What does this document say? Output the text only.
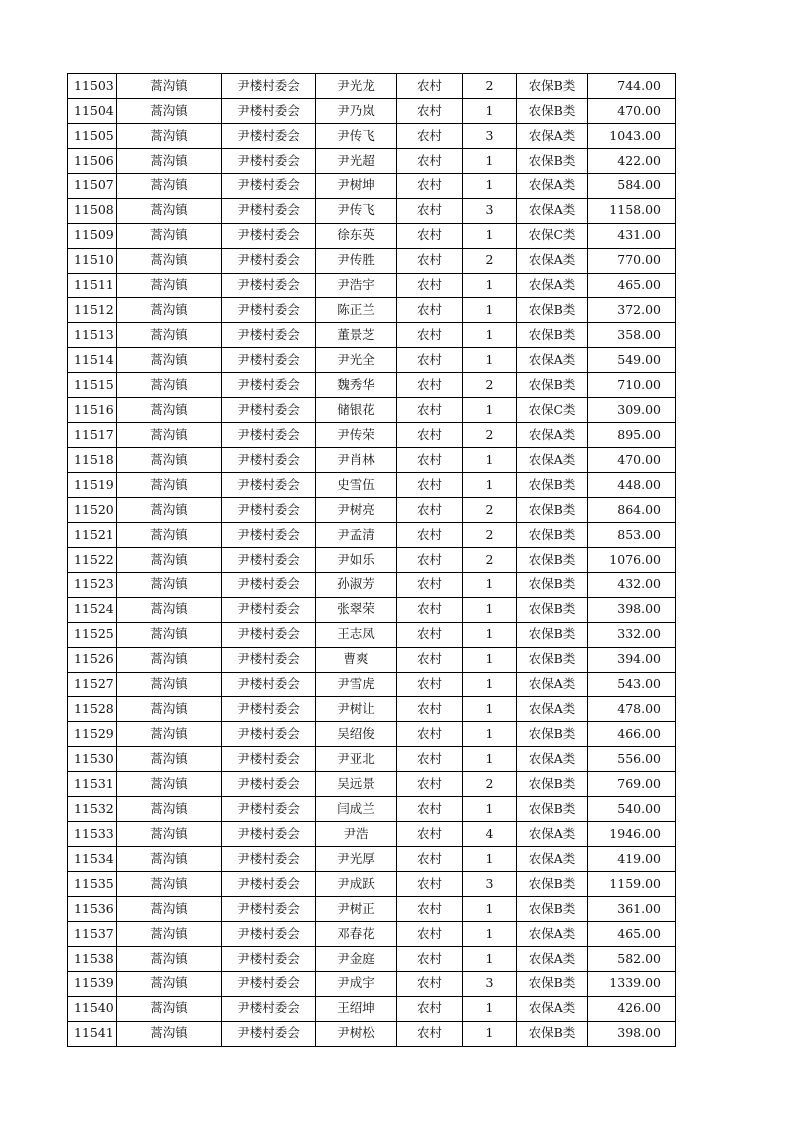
11503	蒿沟镇	尹楼村委会	尹光龙	农村	2	农保B类	744.00
11504	蒿沟镇	尹楼村委会	尹乃岚	农村	1	农保B类	470.00
11505	蒿沟镇	尹楼村委会	尹传飞	农村	3	农保A类	1043.00
11506	蒿沟镇	尹楼村委会	尹光超	农村	1	农保B类	422.00
11507	蒿沟镇	尹楼村委会	尹树坤	农村	1	农保A类	584.00
11508	蒿沟镇	尹楼村委会	尹传飞	农村	3	农保A类	1158.00
11509	蒿沟镇	尹楼村委会	徐东英	农村	1	农保C类	431.00
11510	蒿沟镇	尹楼村委会	尹传胜	农村	2	农保A类	770.00
11511	蒿沟镇	尹楼村委会	尹浩宇	农村	1	农保A类	465.00
11512	蒿沟镇	尹楼村委会	陈正兰	农村	1	农保B类	372.00
11513	蒿沟镇	尹楼村委会	董景芝	农村	1	农保B类	358.00
11514	蒿沟镇	尹楼村委会	尹光全	农村	1	农保A类	549.00
11515	蒿沟镇	尹楼村委会	魏秀华	农村	2	农保B类	710.00
11516	蒿沟镇	尹楼村委会	储银花	农村	1	农保C类	309.00
11517	蒿沟镇	尹楼村委会	尹传荣	农村	2	农保A类	895.00
11518	蒿沟镇	尹楼村委会	尹肖林	农村	1	农保A类	470.00
11519	蒿沟镇	尹楼村委会	史雪伍	农村	1	农保B类	448.00
11520	蒿沟镇	尹楼村委会	尹树亮	农村	2	农保B类	864.00
11521	蒿沟镇	尹楼村委会	尹孟清	农村	2	农保B类	853.00
11522	蒿沟镇	尹楼村委会	尹如乐	农村	2	农保B类	1076.00
11523	蒿沟镇	尹楼村委会	孙淑芳	农村	1	农保B类	432.00
11524	蒿沟镇	尹楼村委会	张翠荣	农村	1	农保B类	398.00
11525	蒿沟镇	尹楼村委会	王志凤	农村	1	农保B类	332.00
11526	蒿沟镇	尹楼村委会	曹爽	农村	1	农保B类	394.00
11527	蒿沟镇	尹楼村委会	尹雪虎	农村	1	农保A类	543.00
11528	蒿沟镇	尹楼村委会	尹树让	农村	1	农保A类	478.00
11529	蒿沟镇	尹楼村委会	吴绍俊	农村	1	农保B类	466.00
11530	蒿沟镇	尹楼村委会	尹亚北	农村	1	农保A类	556.00
11531	蒿沟镇	尹楼村委会	吴远景	农村	2	农保B类	769.00
11532	蒿沟镇	尹楼村委会	闫成兰	农村	1	农保B类	540.00
11533	蒿沟镇	尹楼村委会	尹浩	农村	4	农保A类	1946.00
11534	蒿沟镇	尹楼村委会	尹光厚	农村	1	农保A类	419.00
11535	蒿沟镇	尹楼村委会	尹成跃	农村	3	农保B类	1159.00
11536	蒿沟镇	尹楼村委会	尹树正	农村	1	农保B类	361.00
11537	蒿沟镇	尹楼村委会	邓春花	农村	1	农保A类	465.00
11538	蒿沟镇	尹楼村委会	尹金庭	农村	1	农保A类	582.00
11539	蒿沟镇	尹楼村委会	尹成宇	农村	3	农保B类	1339.00
11540	蒿沟镇	尹楼村委会	王绍坤	农村	1	农保A类	426.00
11541	蒿沟镇	尹楼村委会	尹树松	农村	1	农保B类	398.00
